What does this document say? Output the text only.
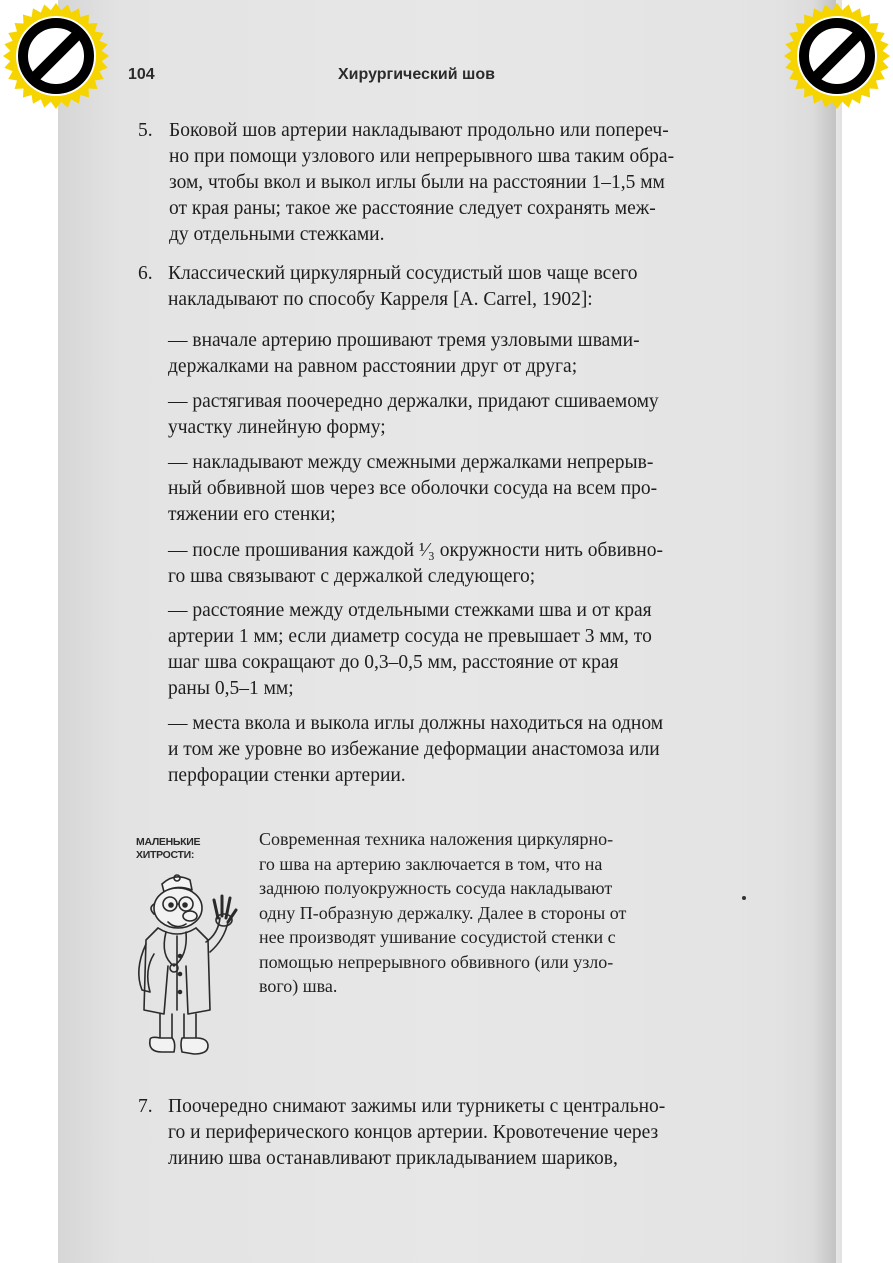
104	Хирургический шов
5. Боковой шов артерии накладывают продольно или попереч-
но при помощи узлового или непрерывного шва таким обра-
зом, чтобы вкол и выкол иглы были на расстоянии 1–1,5 мм
от края раны; такое же расстояние следует сохранять меж-
ду отдельными стежками.
6. Классический циркулярный сосудистый шов чаще всего
накладывают по способу Карреля [A. Carrel, 1902]:
— вначале артерию прошивают тремя узловыми швами-
держалками на равном расстоянии друг от друга;
— растягивая поочередно держалки, придают сшиваемому
участку линейную форму;
— накладывают между смежными держалками непрерыв-
ный обвивной шов через все оболочки сосуда на всем про-
тяжении его стенки;
— после прошивания каждой ¹⁄₃ окружности нить обвивно-
го шва связывают с держалкой следующего;
— расстояние между отдельными стежками шва и от края
артерии 1 мм; если диаметр сосуда не превышает 3 мм, то
шаг шва сокращают до 0,3–0,5 мм, расстояние от края
раны 0,5–1 мм;
— места вкола и выкола иглы должны находиться на одном
и том же уровне во избежание деформации анастомоза или
перфорации стенки артерии.
МАЛЕНЬКИЕ
ХИТРОСТИ:
Современная техника наложения циркулярно-
го шва на артерию заключается в том, что на
заднюю полуокружность сосуда накладывают
одну П-образную держалку. Далее в стороны от
нее производят ушивание сосудистой стенки с
помощью непрерывного обвивного (или узло-
вого) шва.
7. Поочередно снимают зажимы или турникеты с центрально-
го и периферического концов артерии. Кровотечение через
линию шва останавливают прикладыванием шариков,
